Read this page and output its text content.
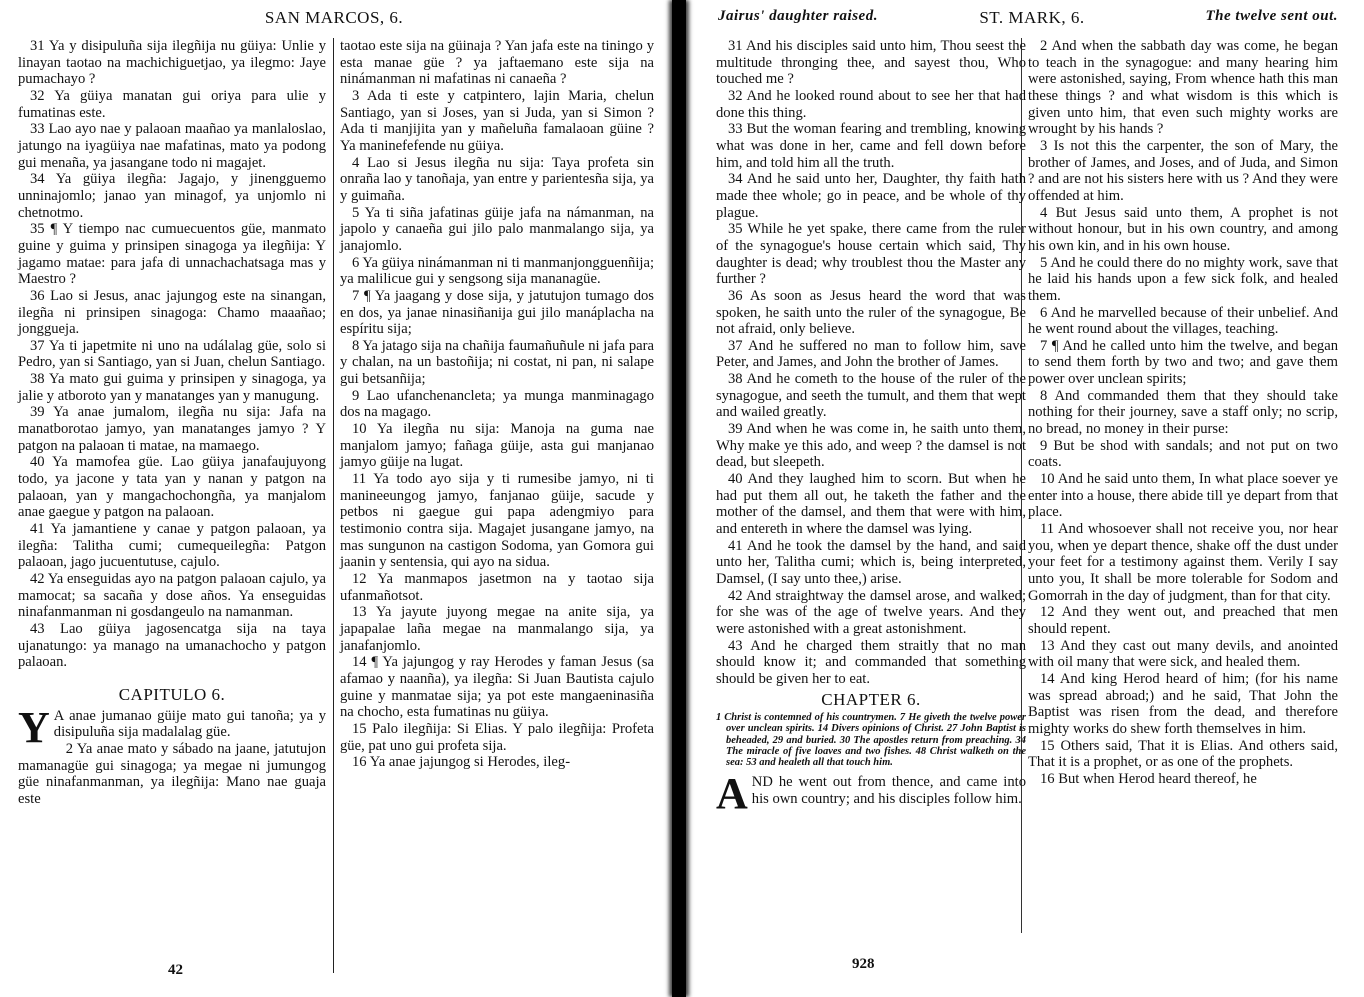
SAN MARCOS, 6.

31 Ya y disipuluña sija ilegñija nu güiya: Unlie y linayan taotao na machichiguetjao, ya ilegmo: Jaye pumachayo ?

32 Ya güiya manatan gui oriya para ulie y fumatinas este.

33 Lao ayo nae y palaoan maañao ya manlaloslao, jatungo na iyagüiya nae mafatinas, mato ya podong gui menaña, ya jasangane todo ni magajet.

34 Ya güiya ilegña: Jagajo, y jinengguemo unninajomlo; janao yan minagof, ya unjomlo ni chetnotmo.

35 ¶ Y tiempo nac cumuecuentos güe, manmato guine y guima y prinsipen sinagoga ya ilegñija: Y jagamo matae: para jafa di unnachachatsaga mas y Maestro ?

36 Lao si Jesus, anac jajungog este na sinangan, ilegña ni prinsipen sinagoga: Chamo maaañao; jonggueja.

37 Ya ti japetmite ni uno na událalag güe, solo si Pedro, yan si Santiago, yan si Juan, chelun Santiago.

38 Ya mato gui guima y prinsipen y sinagoga, ya jalie y atboroto yan y manatanges yan y manugung.

39 Ya anae jumalom, ilegña nu sija: Jafa na manatborotao jamyo, yan manatanges jamyo ? Y patgon na palaoan ti matae, na mamaego.

40 Ya mamofea güe. Lao güiya janafaujuyong todo, ya jacone y tata yan y nanan y patgon na palaoan, yan y mangachochongña, ya manjalom anae gaegue y patgon na palaoan.

41 Ya jamantiene y canae y patgon palaoan, ya ilegña: Talitha cumi; cumequeilegña: Patgon palaoan, jago jucuentutuse, cajulo.

42 Ya enseguidas ayo na patgon palaoan cajulo, ya mamocat; sa sacaña y dose años. Ya enseguidas ninafanmanman ni gosdangeulo na namanman.

43 Lao güiya jagosencatga sija na taya ujanatungo: ya manago na umanachocho y patgon palaoan.

CAPITULO 6.

Y A anae jumanao güije mato gui tanoña; ya y disipuluña sija madalalag güe.

2 Ya anae mato y sábado na jaane, jatutujon mamanagüe gui sinagoga; ya megae ni jumungog güe ninafanmanman, ya ilegñija: Mano nae guaja este

taotao este sija na güinaja ? Yan jafa este na tiningo y esta manae güe ? ya jaftaemano este sija na ninámanman ni mafatinas ni canaeña ?

3 Ada ti este y catpintero, lajin Maria, chelun Santiago, yan si Joses, yan si Juda, yan si Simon ? Ada ti manjijita yan y mañeluña famalaoan güine ? Ya maninefefende nu güiya.

4 Lao si Jesus ilegña nu sija: Taya profeta sin onraña lao y tanoñaja, yan entre y parientesña sija, ya y guimaña.

5 Ya ti siña jafatinas güije jafa na námanman, na japolo y canaeña gui jilo palo manmalango sija, ya janajomlo.

6 Ya güiya ninámanman ni ti manmanjongguenñija; ya malilicue gui y sengsong sija mananagüe.

7 ¶ Ya jaagang y dose sija, y jatutujon tumago dos en dos, ya janae ninasiñanija gui jilo manáplacha na espíritu sija;

8 Ya jatago sija na chañija faumañuñule ni jafa para y chalan, na un bastoñija; ni costat, ni pan, ni salape gui betsanñija;

9 Lao ufanchenancleta; ya munga manminagago dos na magago.

10 Ya ilegña nu sija: Manoja na guma nae manjalom jamyo; fañaga güije, asta gui manjanao jamyo güije na lugat.

11 Ya todo ayo sija y ti rumesibe jamyo, ni ti manineeungog jamyo, fanjanao güije, sacude y petbos ni gaegue gui papa adengmiyo para testimonio contra sija. Magajet jusangane jamyo, na mas sungunon na castigon Sodoma, yan Gomora gui jaanin y sentensia, qui ayo na sidua.

12 Ya manmapos jasetmon na y taotao sija ufanmañotsot.

13 Ya jayute juyong megae na anite sija, ya japapalae laña megae na manmalango sija, ya janafanjomlo.

14 ¶ Ya jajungog y ray Herodes y faman Jesus (sa afamao y naanña), ya ilegña: Si Juan Bautista cajulo guine y manmatae sija; ya pot este mangaeninasiña na chocho, esta fumatinas nu güiya.

15 Palo ilegñija: Si Elias. Y palo ilegñija: Profeta güe, pat uno gui profeta sija.

16 Ya anae jajungog si Herodes, ileg-

42
Jairus' daughter raised.	ST. MARK, 6.	The twelve sent out.

31 And his disciples said unto him, Thou seest the multitude thronging thee, and sayest thou, Who touched me ?

32 And he looked round about to see her that had done this thing.

33 But the woman fearing and trembling, knowing what was done in her, came and fell down before him, and told him all the truth.

34 And he said unto her, Daughter, thy faith hath made thee whole; go in peace, and be whole of thy plague.

35 While he yet spake, there came from the ruler of the synagogue's house certain which said, Thy daughter is dead; why troublest thou the Master any further ?

36 As soon as Jesus heard the word that was spoken, he saith unto the ruler of the synagogue, Be not afraid, only believe.

37 And he suffered no man to follow him, save Peter, and James, and John the brother of James.

38 And he cometh to the house of the ruler of the synagogue, and seeth the tumult, and them that wept and wailed greatly.

39 And when he was come in, he saith unto them, Why make ye this ado, and weep ? the damsel is not dead, but sleepeth.

40 And they laughed him to scorn. But when he had put them all out, he taketh the father and the mother of the damsel, and them that were with him, and entereth in where the damsel was lying.

41 And he took the damsel by the hand, and said unto her, Talitha cumi; which is, being interpreted, Damsel, (I say unto thee,) arise.

42 And straightway the damsel arose, and walked; for she was of the age of twelve years. And they were astonished with a great astonishment.

43 And he charged them straitly that no man should know it; and commanded that something should be given her to eat.

CHAPTER 6.
1 Christ is contemned of his countrymen. 7 He giveth the twelve power over unclean spirits. 14 Divers opinions of Christ. 27 John Baptist is beheaded, 29 and buried. 30 The apostles return from preaching. 34 The miracle of five loaves and two fishes. 48 Christ walketh on the sea: 53 and healeth all that touch him.

AND he went out from thence, and came into his own country; and his disciples follow him.

2 And when the sabbath day was come, he began to teach in the synagogue: and many hearing him were astonished, saying, From whence hath this man these things ? and what wisdom is this which is given unto him, that even such mighty works are wrought by his hands ?

3 Is not this the carpenter, the son of Mary, the brother of James, and Joses, and of Juda, and Simon ? and are not his sisters here with us ? And they were offended at him.

4 But Jesus said unto them, A prophet is not without honour, but in his own country, and among his own kin, and in his own house.

5 And he could there do no mighty work, save that he laid his hands upon a few sick folk, and healed them.

6 And he marvelled because of their unbelief. And he went round about the villages, teaching.

7 ¶ And he called unto him the twelve, and began to send them forth by two and two; and gave them power over unclean spirits;

8 And commanded them that they should take nothing for their journey, save a staff only; no scrip, no bread, no money in their purse:

9 But be shod with sandals; and not put on two coats.

10 And he said unto them, In what place soever ye enter into a house, there abide till ye depart from that place.

11 And whosoever shall not receive you, nor hear you, when ye depart thence, shake off the dust under your feet for a testimony against them. Verily I say unto you, It shall be more tolerable for Sodom and Gomorrah in the day of judgment, than for that city.

12 And they went out, and preached that men should repent.

13 And they cast out many devils, and anointed with oil many that were sick, and healed them.

14 And king Herod heard of him; (for his name was spread abroad;) and he said, That John the Baptist was risen from the dead, and therefore mighty works do shew forth themselves in him.

15 Others said, That it is Elias. And others said, That it is a prophet, or as one of the prophets.

16 But when Herod heard thereof, he

928
